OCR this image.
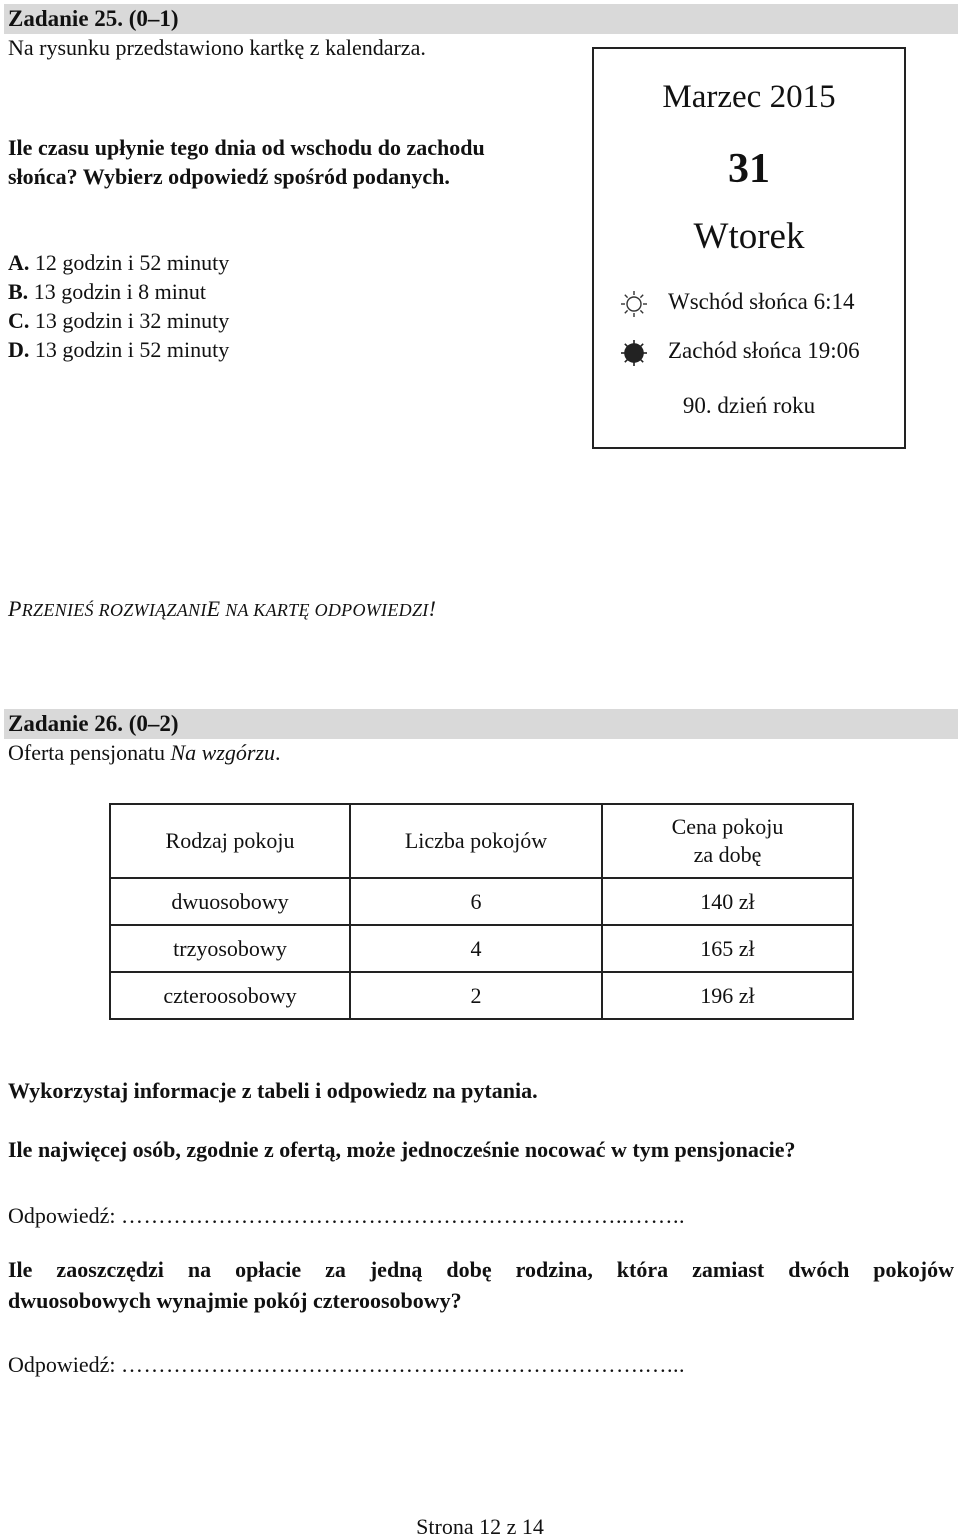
Zadanie 25. (0–1)
Na rysunku przedstawiono kartkę z kalendarza.
Ile czasu upłynie tego dnia od wschodu do zachodu
słońca? Wybierz odpowiedź spośród podanych.
A. 12 godzin i 52 minuty
B. 13 godzin i 8 minut
C. 13 godzin i 32 minuty
D. 13 godzin i 52 minuty
Marzec 2015
31
Wtorek
Wschód słońca 6:14
Zachód słońca 19:06
90. dzień roku
PRZENIEŚ ROZWIĄZANIE NA KARTĘ ODPOWIEDZI!
Zadanie 26. (0–2)
Oferta pensjonatu Na wzgórzu.
Rodzaj pokoju	Liczba pokojów	Cena pokoju
za dobę
dwuosobowy	6	140 zł
trzyosobowy	4	165 zł
czteroosobowy	2	196 zł
Wykorzystaj informacje z tabeli i odpowiedz na pytania.
Ile najwięcej osób, zgodnie z ofertą, może jednocześnie nocować w tym pensjonacie?
Odpowiedź: …………………………………………………………..……..
Ile zaoszczędzi na opłacie za jedną dobę rodzina, która zamiast dwóch pokojów
dwuosobowych wynajmie pokój czteroosobowy?
Odpowiedź: …………………………………………………………….…...
Strona 12 z 14
